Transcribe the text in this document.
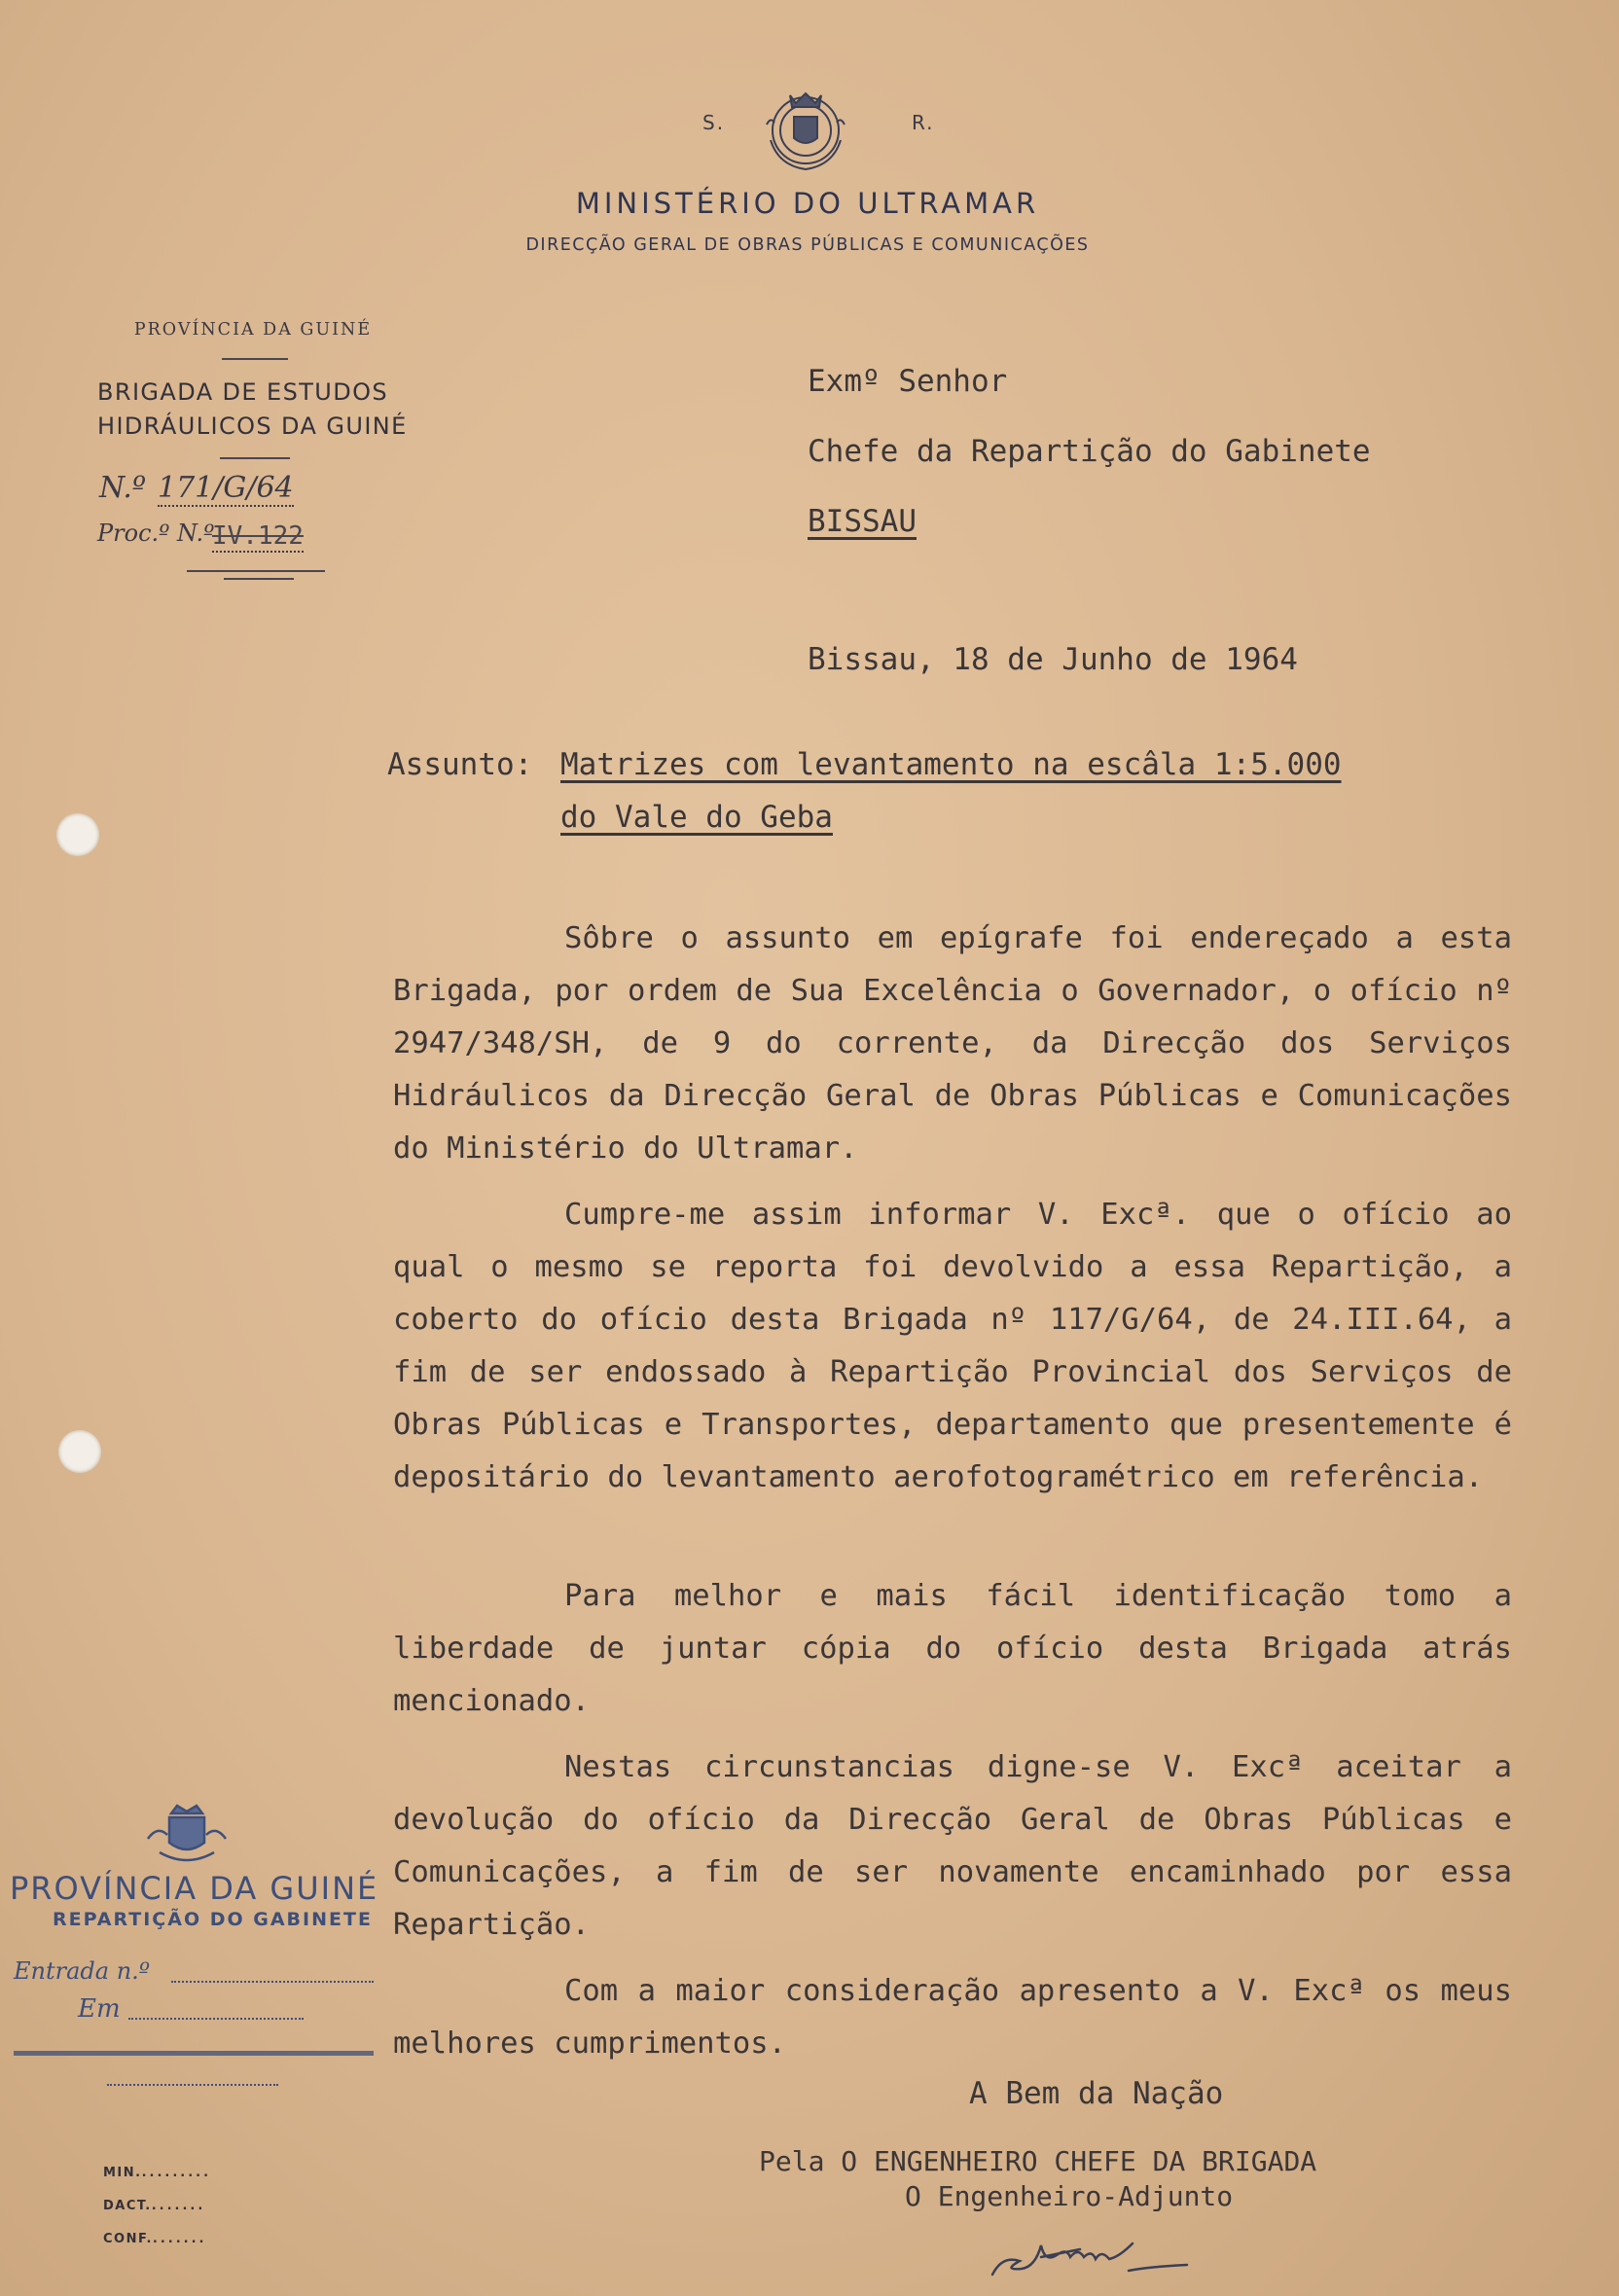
S.	R.
MINISTÉRIO DO ULTRAMAR
DIRECÇÃO GERAL DE OBRAS PÚBLICAS E COMUNICAÇÕES
PROVÍNCIA DA GUINÉ
BRIGADA DE ESTUDOS
HIDRÁULICOS DA GUINÉ
N.º 171/G/64
Proc.º N.º
IV.122
Exmº Senhor
Chefe da Repartição do Gabinete
BISSAU
Bissau, 18 de Junho de 1964
Assunto: Matrizes com levantamento na escâla 1:5.000
do Vale do Geba
Sôbre o assunto em epígrafe foi endereçado a esta Brigada, por ordem de Sua Excelência o Governador, o ofício nº 2947/348/SH, de 9 do corrente, da Direcção dos Serviços Hidráulicos da Direcção Geral de Obras Públicas e Comunicações do Ministério do Ultramar.
Cumpre-me assim informar V. Excª. que o ofício ao qual o mesmo se reporta foi devolvido a essa Repartição, a coberto do ofício desta Brigada nº 117/G/64, de 24.III.64, a fim de ser endossado à Repartição Provincial dos Serviços de Obras Públicas e Transportes, departamento que presentemente é depositário do levantamento aerofotogramétrico em referência.
Para melhor e mais fácil identificação tomo a liberdade de juntar cópia do ofício desta Brigada atrás mencionado.
Nestas circunstancias digne-se V. Excª aceitar a devolução do ofício da Direcção Geral de Obras Públicas e Comunicações, a fim de ser novamente encaminhado por essa Repartição.
Com a maior consideração apresento a V. Excª os meus melhores cumprimentos.
A Bem da Nação
Pela O ENGENHEIRO CHEFE DA BRIGADA
O Engenheiro-Adjunto
PROVÍNCIA DA GUINÉ
REPARTIÇÃO DO GABINETE
Entrada n.º
Em
MIN..........
DACT........
CONF........
